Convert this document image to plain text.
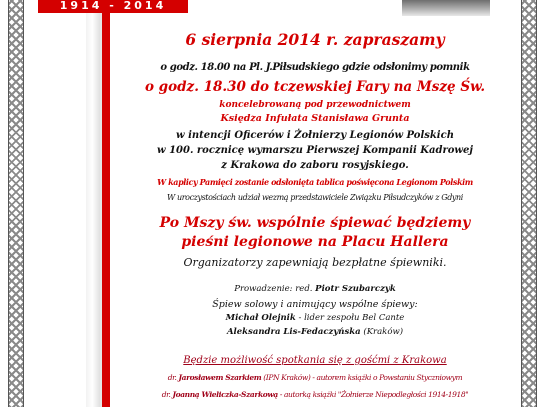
1914 - 2014
6 sierpnia 2014 r. zapraszamy
o godz. 18.00 na Pl. J.Piłsudskiego gdzie odsłonimy pomnik
o godz. 18.30 do tczewskiej Fary na Mszę Św.
koncelebrowaną pod przewodnictwem
Księdza Infułata Stanisława Grunta
w intencji Oficerów i Żołnierzy Legionów Polskich
w 100. rocznicę wymarszu Pierwszej Kompanii Kadrowej
z Krakowa do zaboru rosyjskiego.
W kaplicy Pamięci zostanie odsłonięta tablica poświęcona Legionom Polskim
W uroczystościach udział wezmą przedstawiciele Związku Piłsudczyków z Gdyni
Po Mszy św. wspólnie śpiewać będziemy
pieśni legionowe na Placu Hallera
Organizatorzy zapewniają bezpłatne śpiewniki.
Prowadzenie: red. Piotr Szubarczyk
Śpiew solowy i animujący wspólne śpiewy:
Michał Olejnik - lider zespołu Bel Cante
Aleksandra Lis-Fedaczyńska (Kraków)
Będzie możliwość spotkania się z gośćmi z Krakowa
dr. Jarosławem Szarkiem (IPN Kraków) - autorem książki o Powstaniu Styczniowym
dr. Joanną Wieliczka-Szarkową - autorką książki "Żołnierze Niepodległości 1914-1918"
